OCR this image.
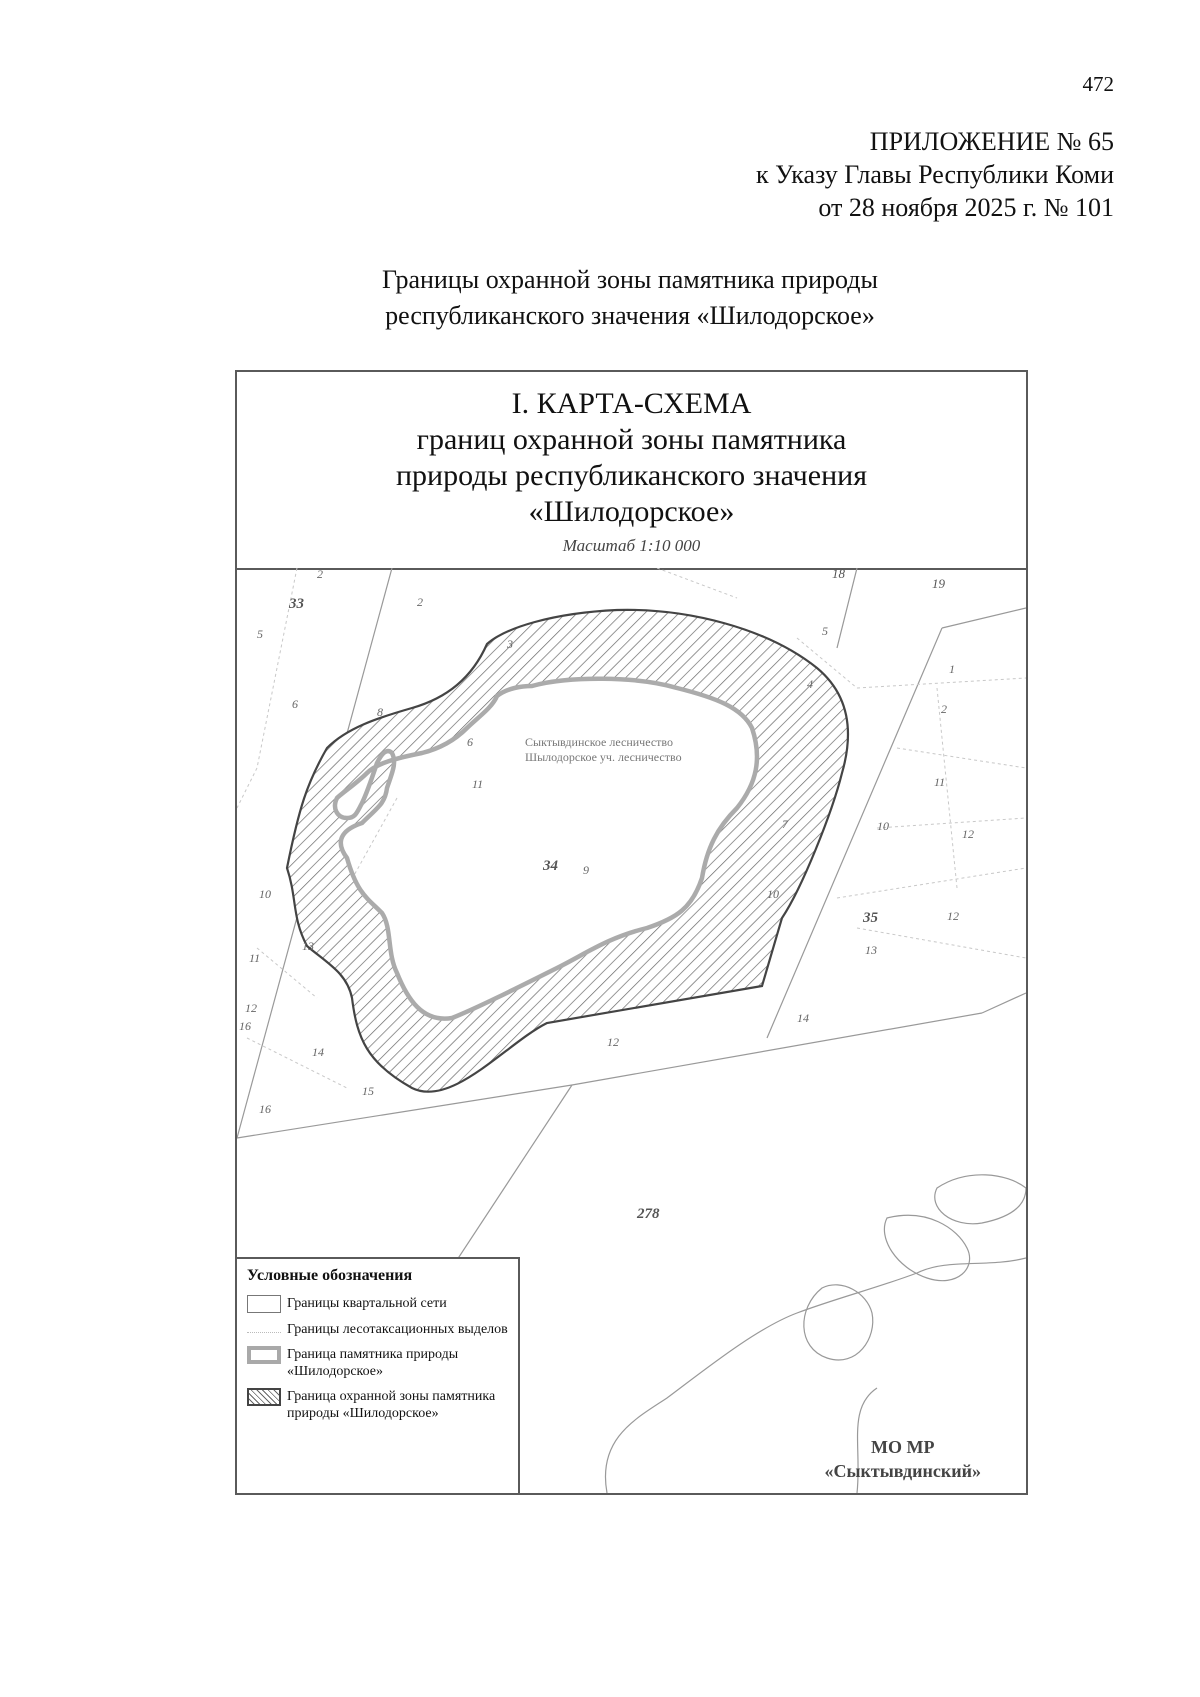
472
ПРИЛОЖЕНИЕ № 65
к Указу Главы Республики Коми
от 28 ноября 2025 г. № 101
Границы охранной зоны памятника природы
республиканского значения «Шилодорское»
I. КАРТА-СХЕМА
границ охранной зоны памятника
природы республиканского значения
«Шилодорское»
Масштаб 1:10 000
Сыктывдинское лесничество
Шылодорское уч. лесничество
33
34
35
278
18
19
2
2
3
5	5
6
8
4
1
2
6
11
9
7
11
10
12
10
13
12
13
10
11
12
16
14
15
16
12
14
Условные обозначения
Границы квартальной сети
Границы лесотаксационных выделов
Граница памятника природы «Шилодорское»
Граница охранной зоны памятника природы «Шилодорское»
МО МР
«Сыктывдинский»
